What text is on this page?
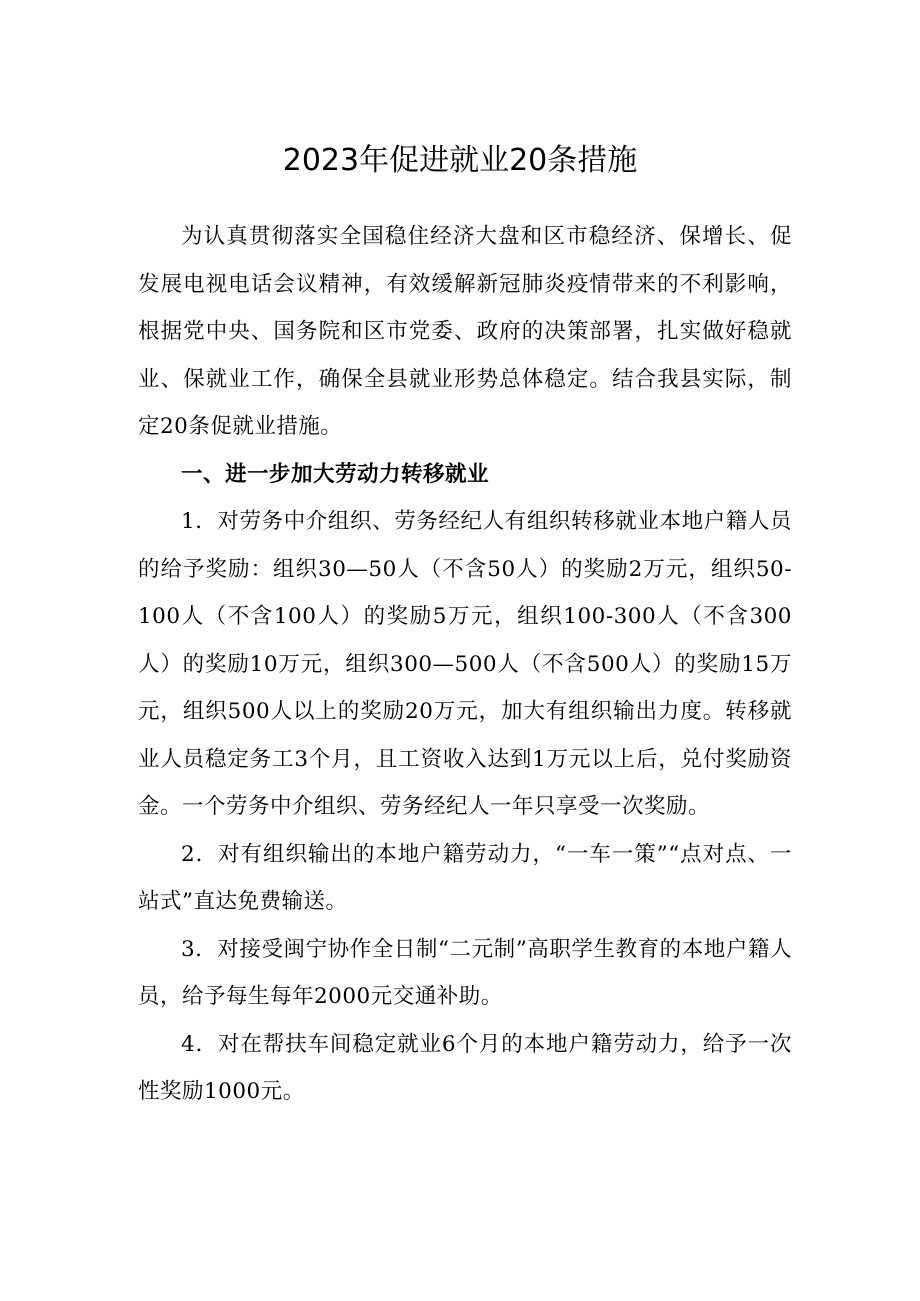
2023年促进就业20条措施

为认真贯彻落实全国稳住经济大盘和区市稳经济、保增长、促发展电视电话会议精神，有效缓解新冠肺炎疫情带来的不利影响，根据党中央、国务院和区市党委、政府的决策部署，扎实做好稳就业、保就业工作，确保全县就业形势总体稳定。结合我县实际，制定20条促就业措施。

一、进一步加大劳动力转移就业

1．对劳务中介组织、劳务经纪人有组织转移就业本地户籍人员的给予奖励：组织30—50人（不含50人）的奖励2万元，组织50-100人（不含100人）的奖励5万元，组织100-300人（不含300人）的奖励10万元，组织300—500人（不含500人）的奖励15万元，组织500人以上的奖励20万元，加大有组织输出力度。转移就业人员稳定务工3个月，且工资收入达到1万元以上后，兑付奖励资金。一个劳务中介组织、劳务经纪人一年只享受一次奖励。

2．对有组织输出的本地户籍劳动力，“一车一策”“点对点、一站式”直达免费输送。

3．对接受闽宁协作全日制“二元制”高职学生教育的本地户籍人员，给予每生每年2000元交通补助。

4．对在帮扶车间稳定就业6个月的本地户籍劳动力，给予一次性奖励1000元。
